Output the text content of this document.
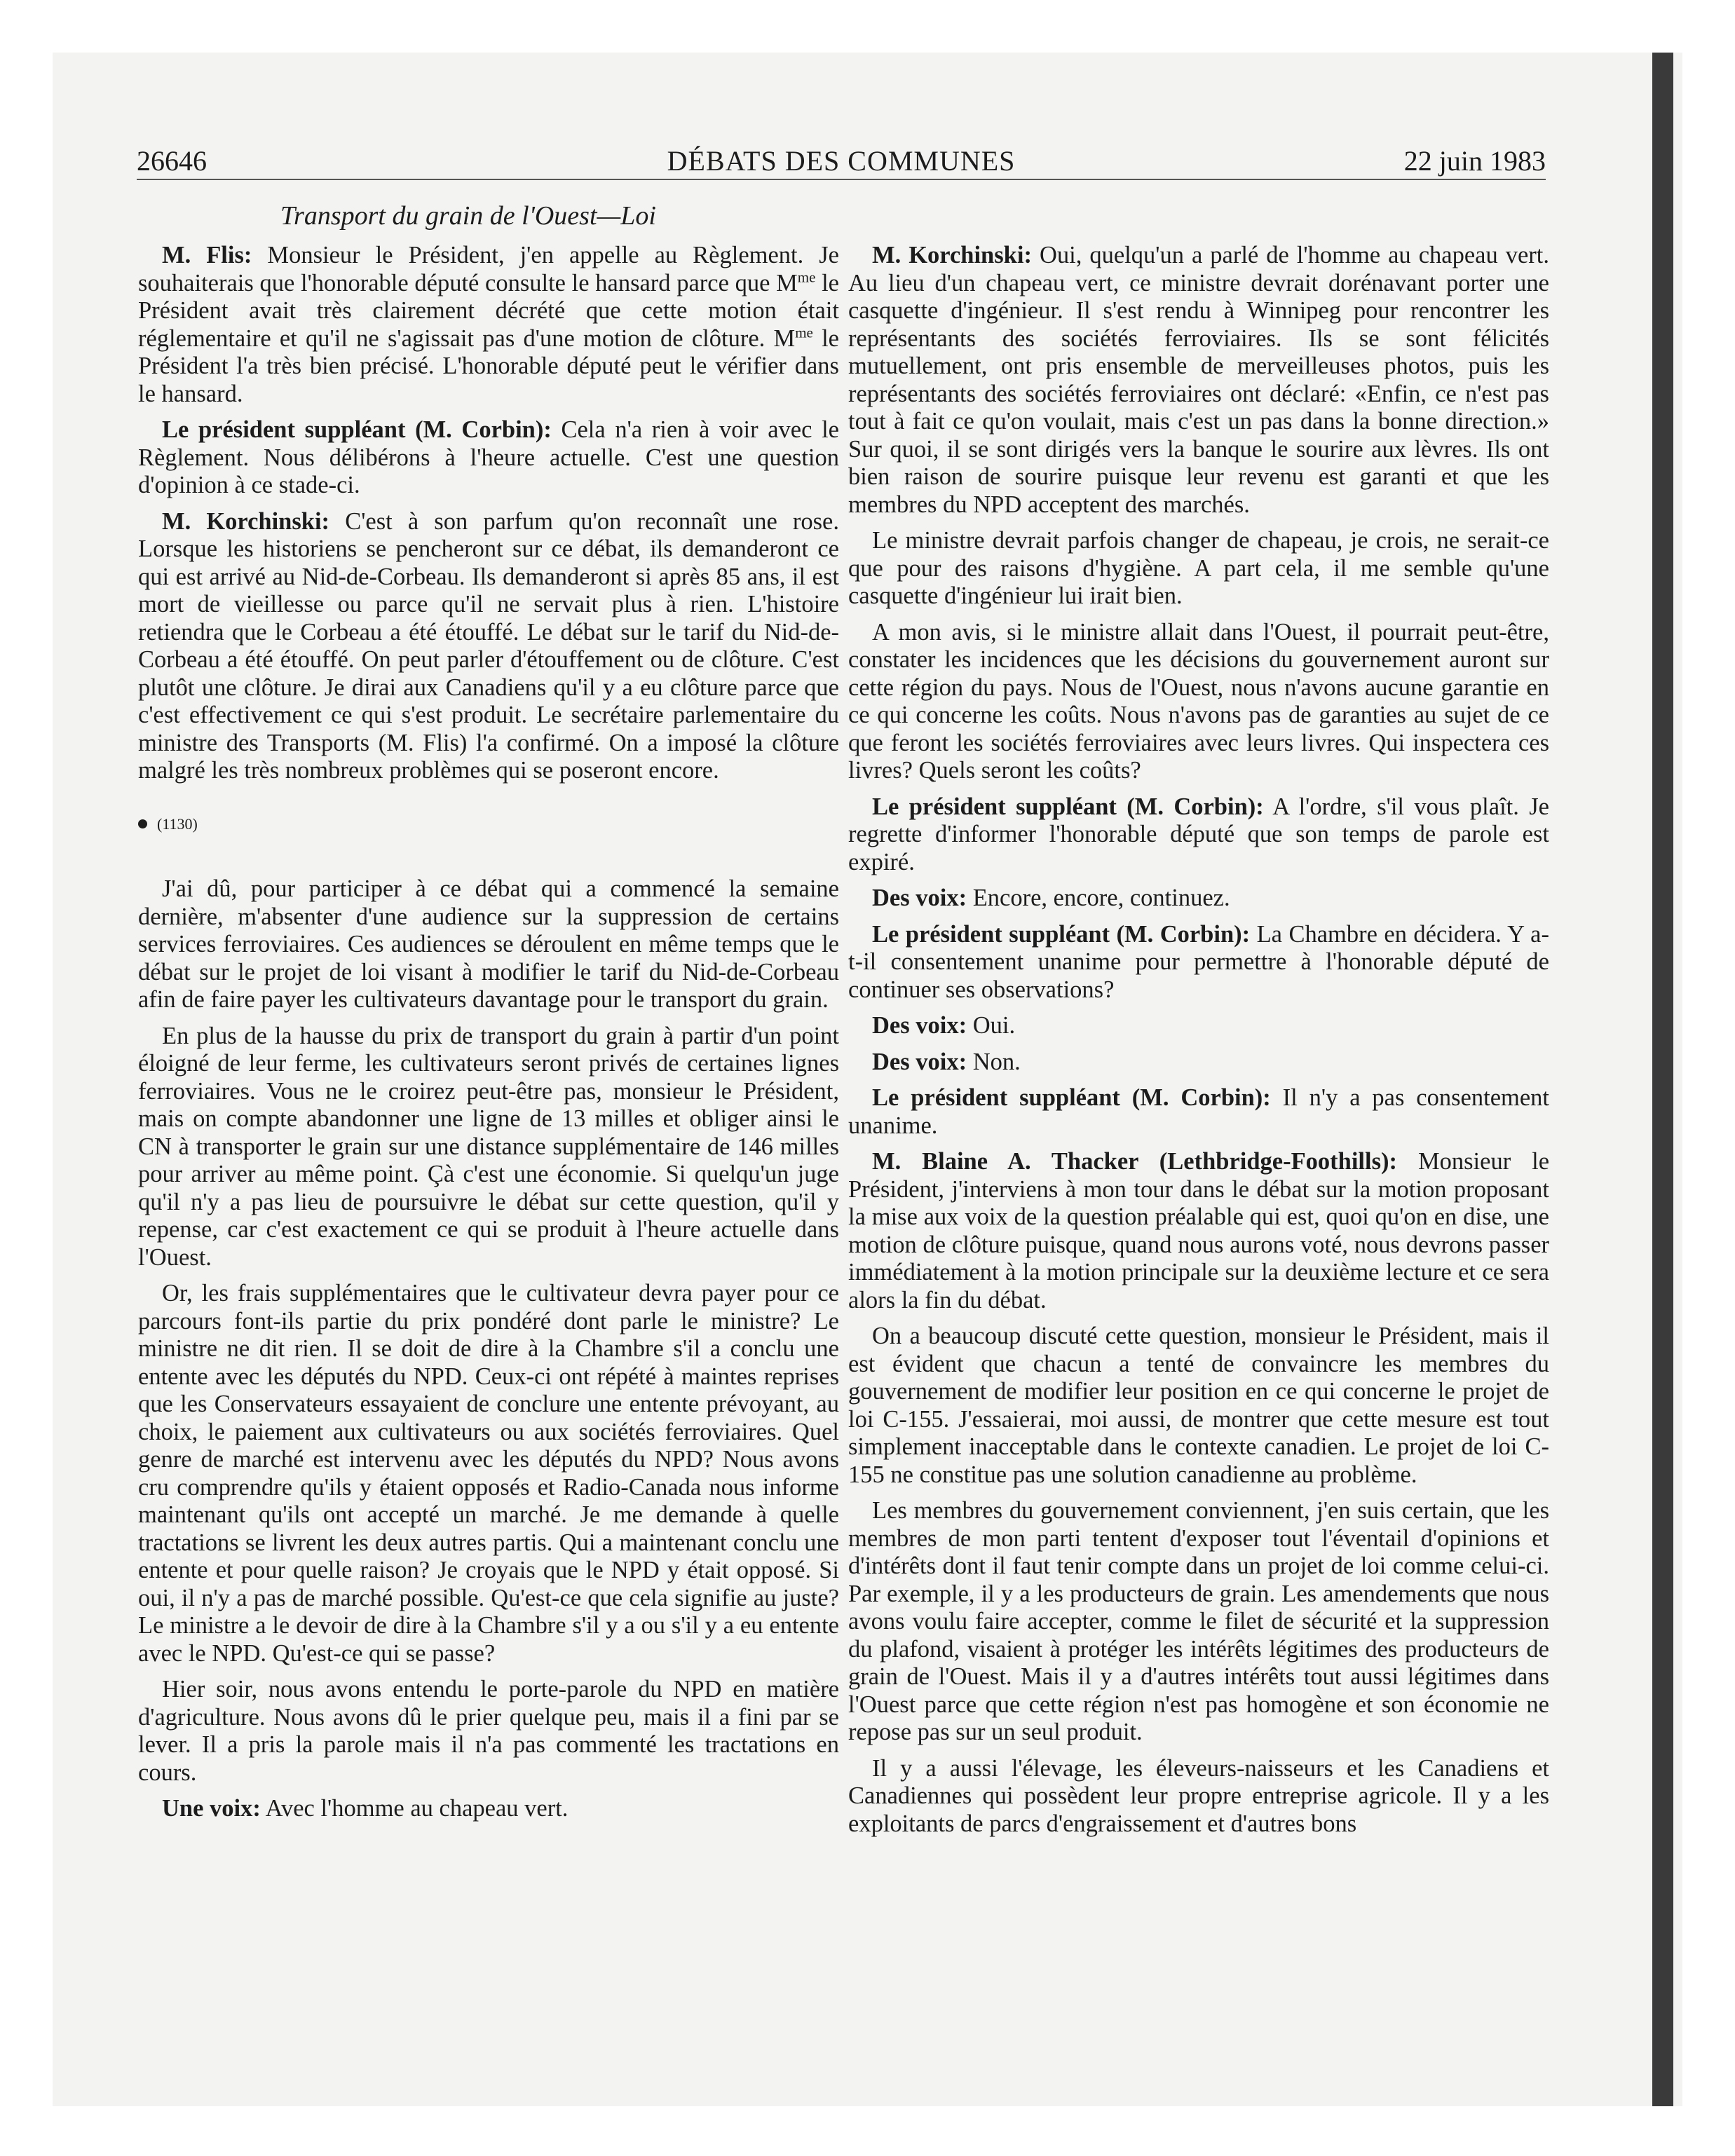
26646	DÉBATS DES COMMUNES	22 juin 1983
Transport du grain de l'Ouest—Loi

M. Flis: Monsieur le Président, j'en appelle au Règlement. Je souhaiterais que l'honorable député consulte le hansard parce que $M^{me}$ le Président avait très clairement décrété que cette motion était réglementaire et qu'il ne s'agissait pas d'une motion de clôture. $M^{me}$ le Président l'a très bien précisé. L'honorable député peut le vérifier dans le hansard.

Le président suppléant (M. Corbin): Cela n'a rien à voir avec le Règlement. Nous délibérons à l'heure actuelle. C'est une question d'opinion à ce stade-ci.

M. Korchinski: C'est à son parfum qu'on reconnaît une rose. Lorsque les historiens se pencheront sur ce débat, ils demanderont ce qui est arrivé au Nid-de-Corbeau. Ils demanderont si après 85 ans, il est mort de vieillesse ou parce qu'il ne servait plus à rien. L'histoire retiendra que le Corbeau a été étouffé. Le débat sur le tarif du Nid-de-Corbeau a été étouffé. On peut parler d'étouffement ou de clôture. C'est plutôt une clôture. Je dirai aux Canadiens qu'il y a eu clôture parce que c'est effectivement ce qui s'est produit. Le secrétaire parlementaire du ministre des Transports (M. Flis) l'a confirmé. On a imposé la clôture malgré les très nombreux problèmes qui se poseront encore.

(1130)

J'ai dû, pour participer à ce débat qui a commencé la semaine dernière, m'absenter d'une audience sur la suppression de certains services ferroviaires. Ces audiences se déroulent en même temps que le débat sur le projet de loi visant à modifier le tarif du Nid-de-Corbeau afin de faire payer les cultivateurs davantage pour le transport du grain.

En plus de la hausse du prix de transport du grain à partir d'un point éloigné de leur ferme, les cultivateurs seront privés de certaines lignes ferroviaires. Vous ne le croirez peut-être pas, monsieur le Président, mais on compte abandonner une ligne de 13 milles et obliger ainsi le CN à transporter le grain sur une distance supplémentaire de 146 milles pour arriver au même point. Çà c'est une économie. Si quelqu'un juge qu'il n'y a pas lieu de poursuivre le débat sur cette question, qu'il y repense, car c'est exactement ce qui se produit à l'heure actuelle dans l'Ouest.

Or, les frais supplémentaires que le cultivateur devra payer pour ce parcours font-ils partie du prix pondéré dont parle le ministre? Le ministre ne dit rien. Il se doit de dire à la Chambre s'il a conclu une entente avec les députés du NPD. Ceux-ci ont répété à maintes reprises que les Conservateurs essayaient de conclure une entente prévoyant, au choix, le paiement aux cultivateurs ou aux sociétés ferroviaires. Quel genre de marché est intervenu avec les députés du NPD? Nous avons cru comprendre qu'ils y étaient opposés et Radio-Canada nous informe maintenant qu'ils ont accepté un marché. Je me demande à quelle tractations se livrent les deux autres partis. Qui a maintenant conclu une entente et pour quelle raison? Je croyais que le NPD y était opposé. Si oui, il n'y a pas de marché possible. Qu'est-ce que cela signifie au juste? Le ministre a le devoir de dire à la Chambre s'il y a ou s'il y a eu entente avec le NPD. Qu'est-ce qui se passe?

Hier soir, nous avons entendu le porte-parole du NPD en matière d'agriculture. Nous avons dû le prier quelque peu, mais il a fini par se lever. Il a pris la parole mais il n'a pas commenté les tractations en cours.

Une voix: Avec l'homme au chapeau vert.

M. Korchinski: Oui, quelqu'un a parlé de l'homme au chapeau vert. Au lieu d'un chapeau vert, ce ministre devrait dorénavant porter une casquette d'ingénieur. Il s'est rendu à Winnipeg pour rencontrer les représentants des sociétés ferroviaires. Ils se sont félicités mutuellement, ont pris ensemble de merveilleuses photos, puis les représentants des sociétés ferroviaires ont déclaré: «Enfin, ce n'est pas tout à fait ce qu'on voulait, mais c'est un pas dans la bonne direction.» Sur quoi, il se sont dirigés vers la banque le sourire aux lèvres. Ils ont bien raison de sourire puisque leur revenu est garanti et que les membres du NPD acceptent des marchés.

Le ministre devrait parfois changer de chapeau, je crois, ne serait-ce que pour des raisons d'hygiène. A part cela, il me semble qu'une casquette d'ingénieur lui irait bien.

A mon avis, si le ministre allait dans l'Ouest, il pourrait peut-être, constater les incidences que les décisions du gouvernement auront sur cette région du pays. Nous de l'Ouest, nous n'avons aucune garantie en ce qui concerne les coûts. Nous n'avons pas de garanties au sujet de ce que feront les sociétés ferroviaires avec leurs livres. Qui inspectera ces livres? Quels seront les coûts?

Le président suppléant (M. Corbin): A l'ordre, s'il vous plaît. Je regrette d'informer l'honorable député que son temps de parole est expiré.

Des voix: Encore, encore, continuez.

Le président suppléant (M. Corbin): La Chambre en décidera. Y a-t-il consentement unanime pour permettre à l'honorable député de continuer ses observations?

Des voix: Oui.

Des voix: Non.

Le président suppléant (M. Corbin): Il n'y a pas consentement unanime.

M. Blaine A. Thacker (Lethbridge-Foothills): Monsieur le Président, j'interviens à mon tour dans le débat sur la motion proposant la mise aux voix de la question préalable qui est, quoi qu'on en dise, une motion de clôture puisque, quand nous aurons voté, nous devrons passer immédiatement à la motion principale sur la deuxième lecture et ce sera alors la fin du débat.

On a beaucoup discuté cette question, monsieur le Président, mais il est évident que chacun a tenté de convaincre les membres du gouvernement de modifier leur position en ce qui concerne le projet de loi C-155. J'essaierai, moi aussi, de montrer que cette mesure est tout simplement inacceptable dans le contexte canadien. Le projet de loi C-155 ne constitue pas une solution canadienne au problème.

Les membres du gouvernement conviennent, j'en suis certain, que les membres de mon parti tentent d'exposer tout l'éventail d'opinions et d'intérêts dont il faut tenir compte dans un projet de loi comme celui-ci. Par exemple, il y a les producteurs de grain. Les amendements que nous avons voulu faire accepter, comme le filet de sécurité et la suppression du plafond, visaient à protéger les intérêts légitimes des producteurs de grain de l'Ouest. Mais il y a d'autres intérêts tout aussi légitimes dans l'Ouest parce que cette région n'est pas homogène et son économie ne repose pas sur un seul produit.

Il y a aussi l'élevage, les éleveurs-naisseurs et les Canadiens et Canadiennes qui possèdent leur propre entreprise agricole. Il y a les exploitants de parcs d'engraissement et d'autres bons
